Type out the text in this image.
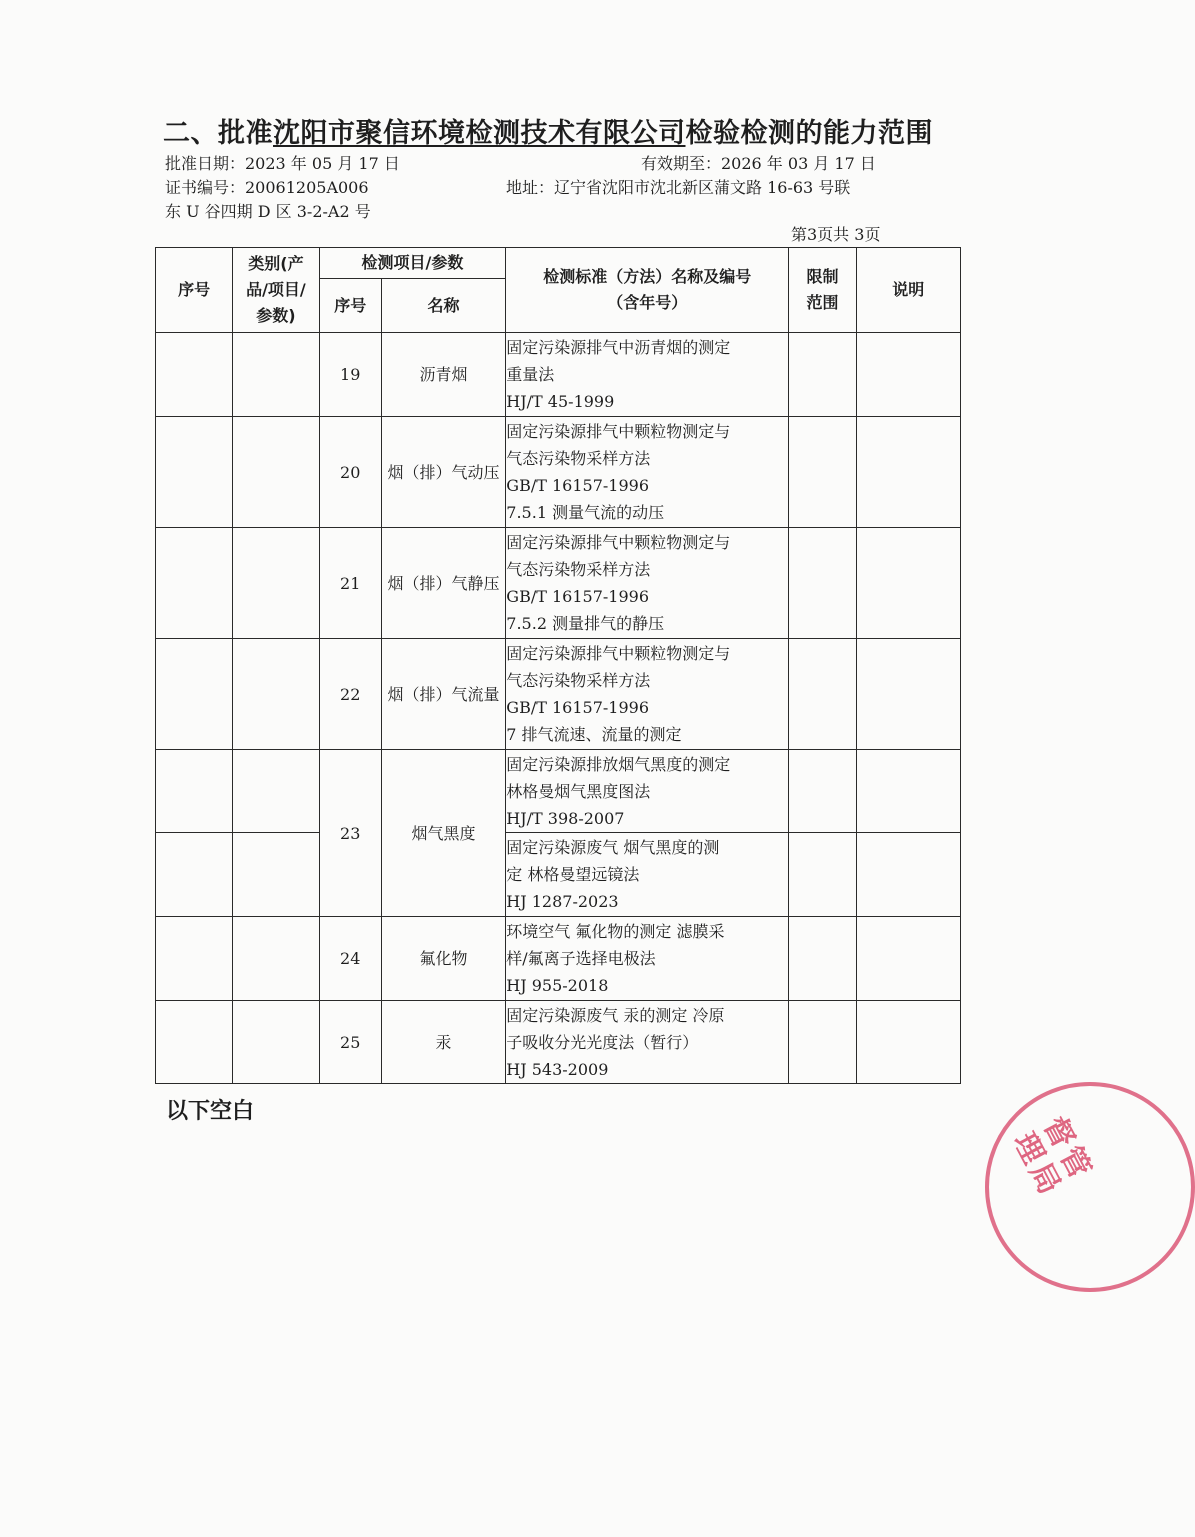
二、批准沈阳市聚信环境检测技术有限公司检验检测的能力范围
批准日期：2023 年 05 月 17 日	有效期至：2026 年 03 月 17 日
证书编号：20061205A006	地址：辽宁省沈阳市沈北新区蒲文路 16-63 号联
东 U 谷四期 D 区 3-2-A2 号
第3页共 3页
序号	类别(产品/项目/参数)	检测项目/参数		检测标准（方法）名称及编号（含年号）	限制范围	说明
		序号	名称			
		19	沥青烟	固定污染源排气中沥青烟的测定
重量法
HJ/T 45-1999		

		20	烟（排）气动压	固定污染源排气中颗粒物测定与
气态污染物采样方法
GB/T 16157-1996
7.5.1 测量气流的动压		

		21	烟（排）气静压	固定污染源排气中颗粒物测定与
气态污染物采样方法
GB/T 16157-1996
7.5.2 测量排气的静压		

		22	烟（排）气流量	固定污染源排气中颗粒物测定与
气态污染物采样方法
GB/T 16157-1996
7 排气流速、流量的测定		

		23	烟气黑度	固定污染源排放烟气黑度的测定
林格曼烟气黑度图法
HJ/T 398-2007		

				固定污染源废气 烟气黑度的测
定 林格曼望远镜法
HJ 1287-2023		

		24	氟化物	环境空气 氟化物的测定 滤膜采
样/氟离子选择电极法
HJ 955-2018		

		25	汞	固定污染源废气 汞的测定 冷原
子吸收分光光度法（暂行）
HJ 543-2009		

以下空白	督管理局
